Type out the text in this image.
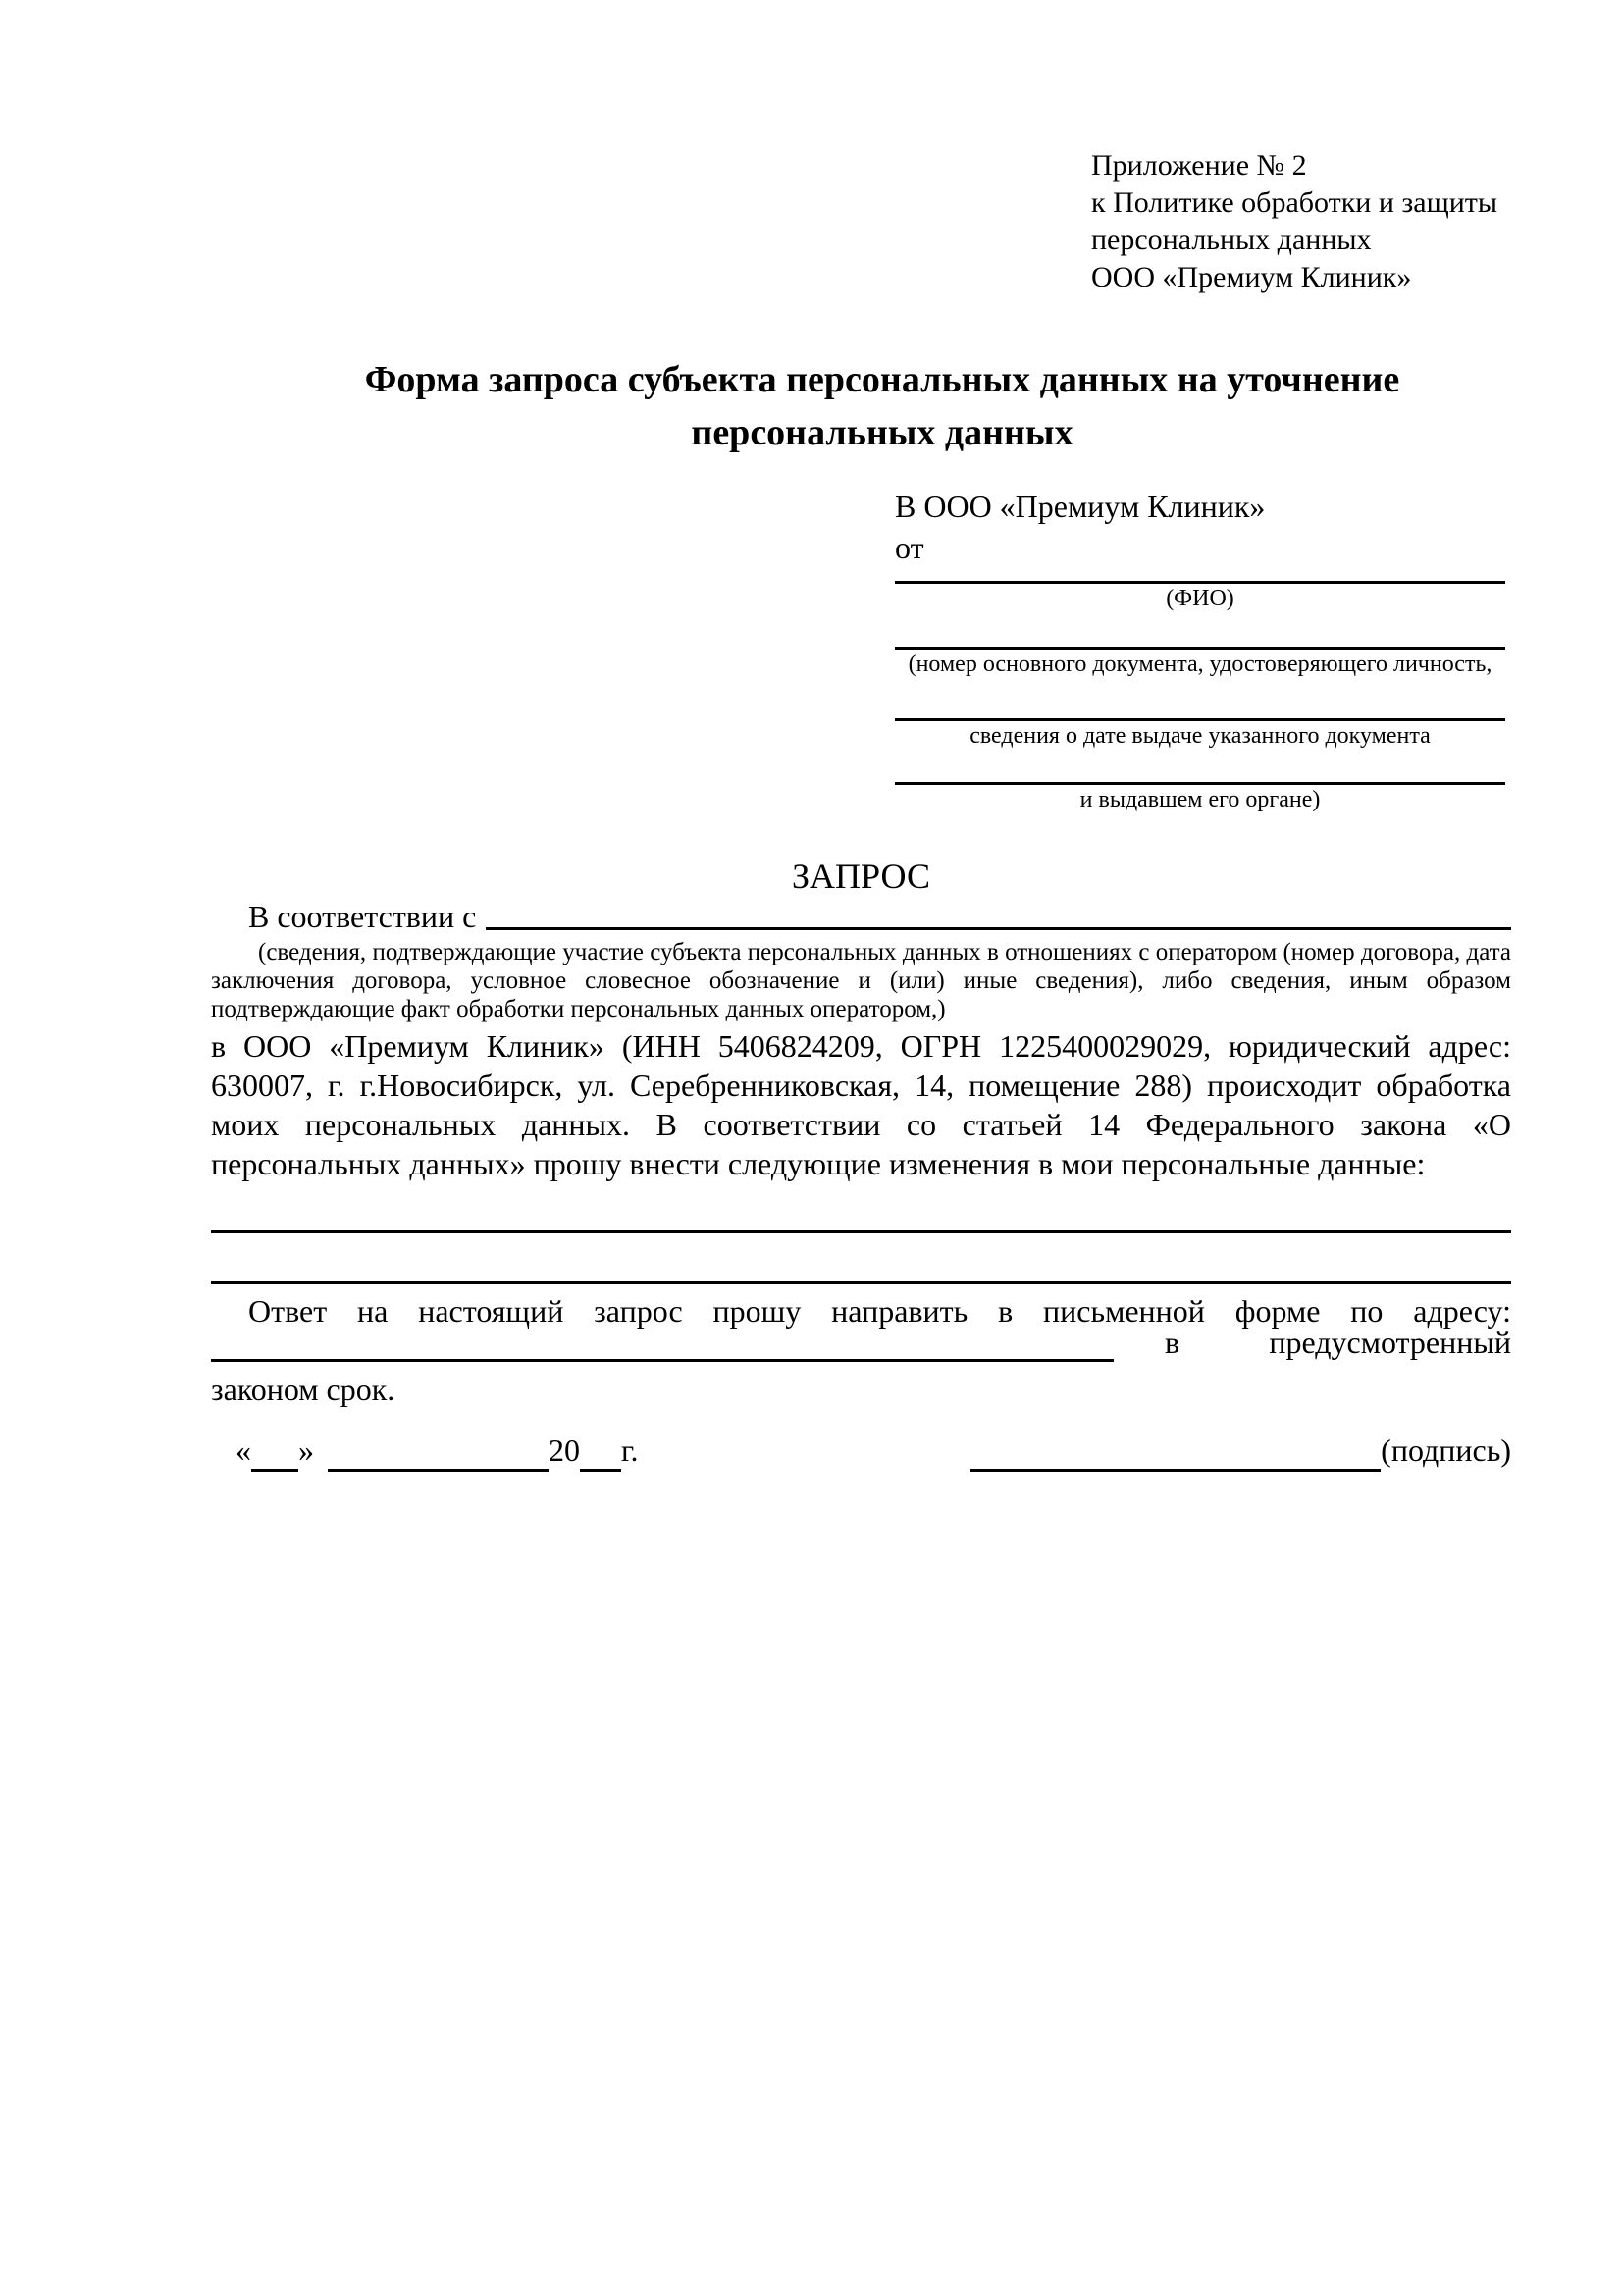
Приложение № 2
к Политике обработки и защиты
персональных данных
ООО «Премиум Клиник»
Форма запроса субъекта персональных данных на уточнение персональных данных
В ООО «Премиум Клиник»
от
(ФИО)
(номер основного документа, удостоверяющего личность,
сведения о дате выдаче указанного документа
и выдавшем его органе)
ЗАПРОС
В соответствии с
(сведения, подтверждающие участие субъекта персональных данных в отношениях с оператором (номер договора, дата заключения договора, условное словесное обозначение и (или) иные сведения), либо сведения, иным образом подтверждающие факт обработки персональных данных оператором,)
в ООО «Премиум Клиник» (ИНН 5406824209, ОГРН 1225400029029, юридический адрес: 630007, г. г.Новосибирск, ул. Серебренниковская, 14, помещение 288) происходит обработка моих персональных данных. В соответствии со статьей 14 Федерального закона «О персональных данных» прошу внести следующие изменения в мои персональные данные:
Ответ на настоящий запрос прошу направить в письменной форме по адресу:
в	предусмотренный
законом срок.
« »	20 г.	(подпись)
